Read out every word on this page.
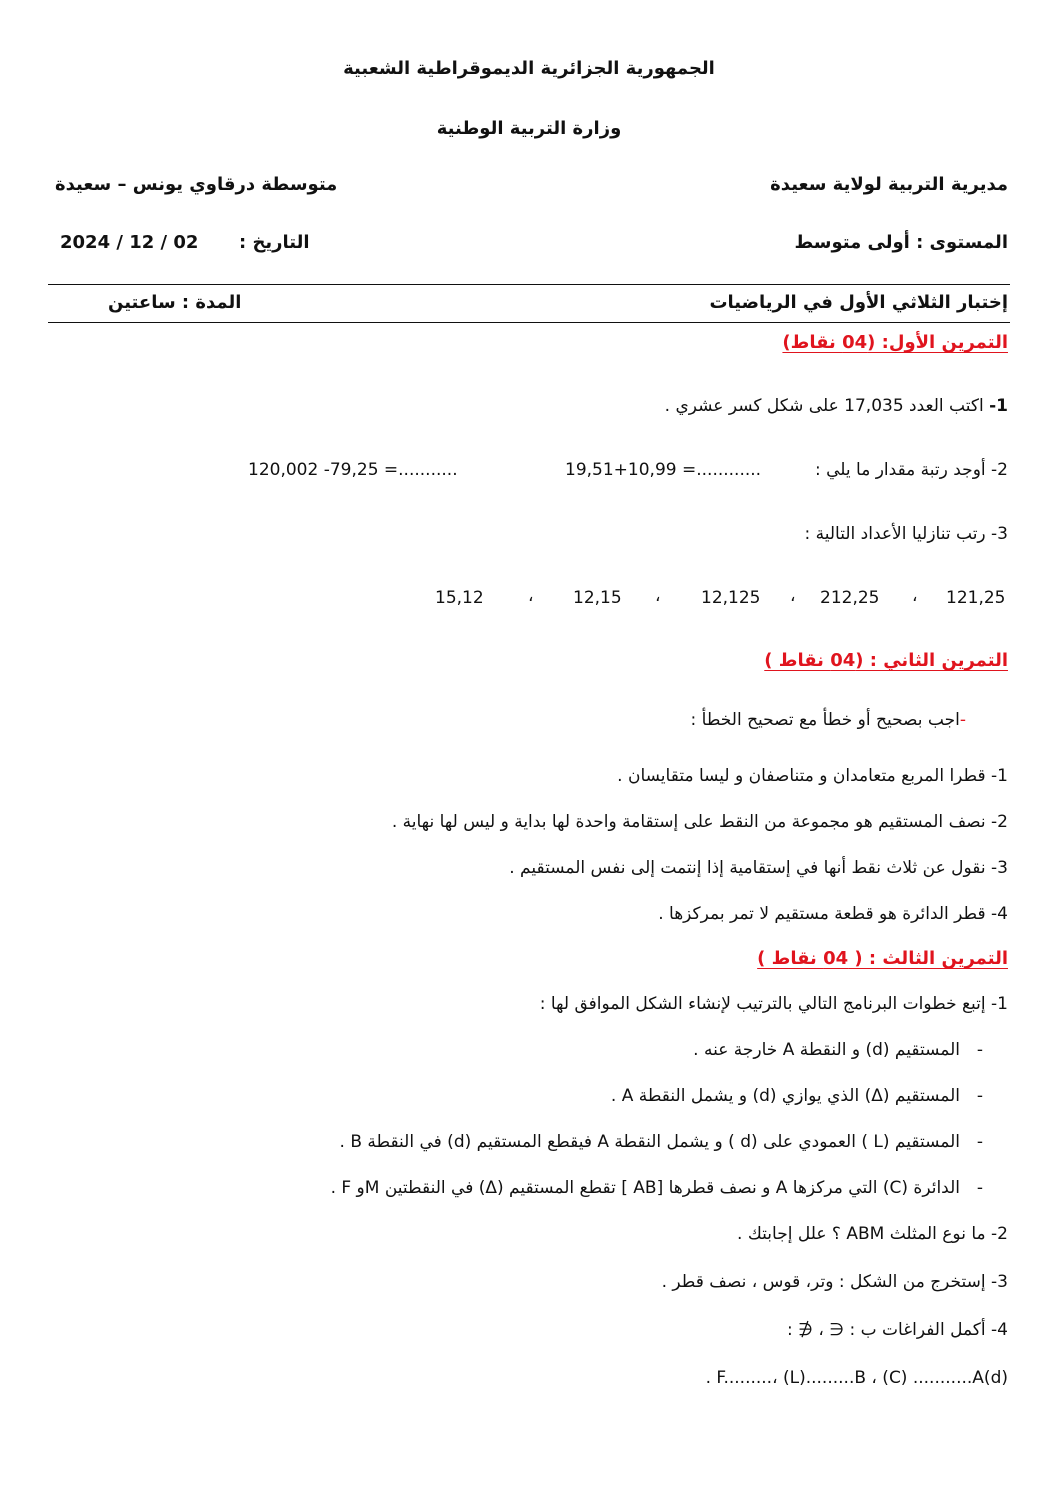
الجمهورية الجزائرية الديموقراطية الشعبية
وزارة التربية الوطنية
مديرية التربية لولاية سعيدة
متوسطة درقاوي يونس – سعيدة
المستوى : أولى متوسط
2024 / 12 / 02 التاريخ :
إختبار الثلاثي الأول في الرياضيات
المدة : ساعتين
التمرين الأول: (04 نقاط)
1- اكتب العدد 17,035 على شكل كسر عشري .
2- أوجد رتبة مقدار ما يلي :
19,51+10,99 =............
120,002 -79,25 =...........
3- رتب تنازليا الأعداد التالية :
121,25
،
212,25
،
12,125
،
12,15
،
15,12
التمرين الثاني : (04 نقاط )
-اجب بصحيح أو خطأ مع تصحيح الخطأ :
1- قطرا المربع متعامدان و متناصفان و ليسا متقايسان .
2- نصف المستقيم هو مجموعة من النقط على إستقامة واحدة لها بداية و ليس لها نهاية .
3- نقول عن ثلاث نقط أنها في إستقامية إذا إنتمت إلى نفس المستقيم .
4- قطر الدائرة هو قطعة مستقيم لا تمر بمركزها .
التمرين الثالث : ( 04 نقاط )
1- إتبع خطوات البرنامج التالي بالترتيب لإنشاء الشكل الموافق لها :
-المستقيم (d) و النقطة A خارجة عنه .
-المستقيم (Δ) الذي يوازي (d) و يشمل النقطة A .
-المستقيم (L ) العمودي على (d ) و يشمل النقطة A فيقطع المستقيم (d) في النقطة B .
-الدائرة (C) التي مركزها A و نصف قطرها [AB ] تقطع المستقيم (Δ) في النقطتين Mو F .
2- ما نوع المثلث ABM ؟ علل إجابتك .
3- إستخرج من الشكل : وتر، قوس ، نصف قطر .
4- أكمل الفراغات ب : ∈ ، ∉ :
(d)F.........، (L).........B ، (C) ...........A .
